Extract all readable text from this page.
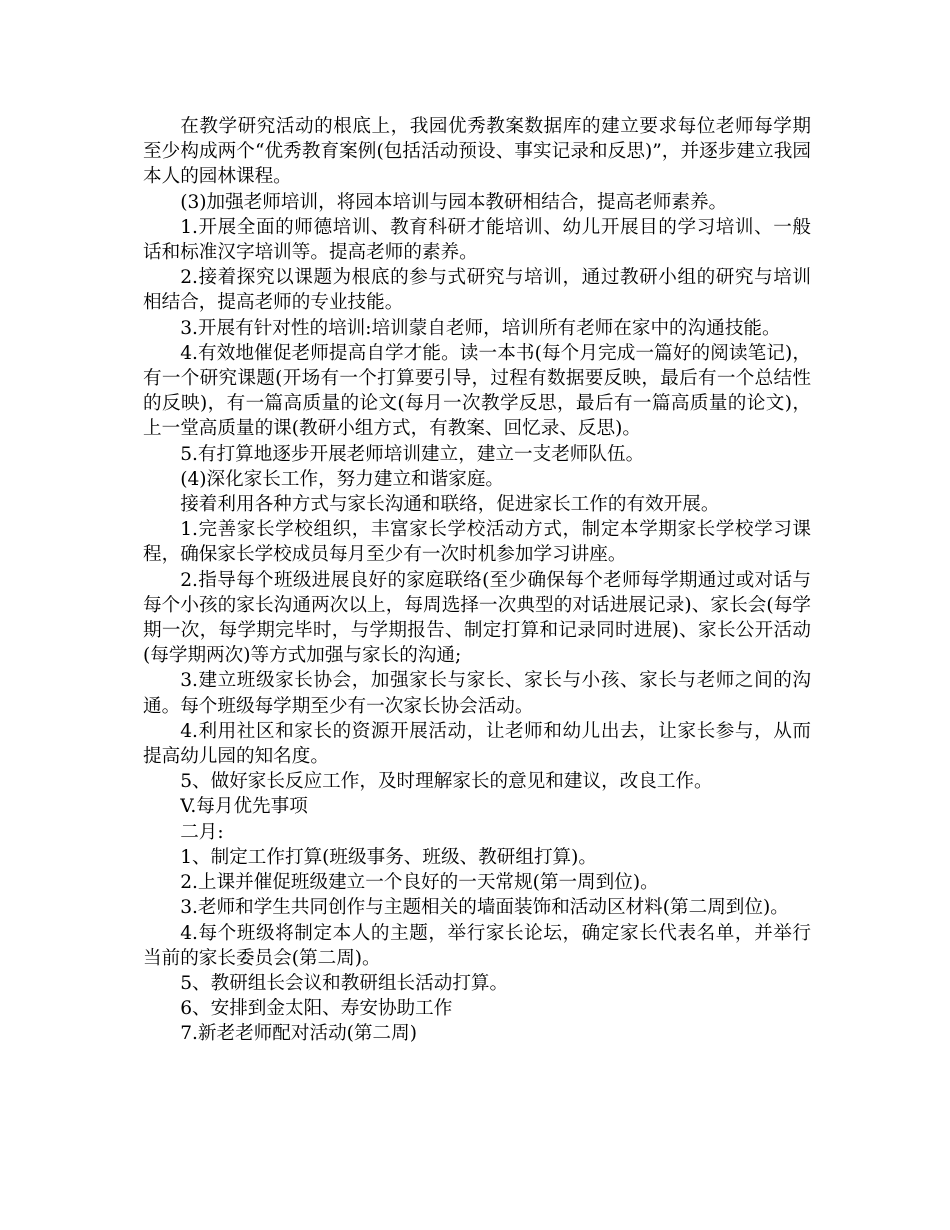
在教学研究活动的根底上，我园优秀教案数据库的建立要求每位老师每学期至少构成两个“优秀教育案例(包括活动预设、事实记录和反思)”，并逐步建立我园本人的园林课程。

(3)加强老师培训，将园本培训与园本教研相结合，提高老师素养。

1.开展全面的师德培训、教育科研才能培训、幼儿开展目的学习培训、一般话和标准汉字培训等。提高老师的素养。

2.接着探究以课题为根底的参与式研究与培训，通过教研小组的研究与培训相结合，提高老师的专业技能。

3.开展有针对性的培训:培训蒙自老师，培训所有老师在家中的沟通技能。

4.有效地催促老师提高自学才能。读一本书(每个月完成一篇好的阅读笔记)，有一个研究课题(开场有一个打算要引导，过程有数据要反映，最后有一个总结性的反映)，有一篇高质量的论文(每月一次教学反思，最后有一篇高质量的论文)，上一堂高质量的课(教研小组方式，有教案、回忆录、反思)。

5.有打算地逐步开展老师培训建立，建立一支老师队伍。

(4)深化家长工作，努力建立和谐家庭。

接着利用各种方式与家长沟通和联络，促进家长工作的有效开展。

1.完善家长学校组织，丰富家长学校活动方式，制定本学期家长学校学习课程，确保家长学校成员每月至少有一次时机参加学习讲座。

2.指导每个班级进展良好的家庭联络(至少确保每个老师每学期通过或对话与每个小孩的家长沟通两次以上，每周选择一次典型的对话进展记录)、家长会(每学期一次，每学期完毕时，与学期报告、制定打算和记录同时进展)、家长公开活动(每学期两次)等方式加强与家长的沟通;

3.建立班级家长协会，加强家长与家长、家长与小孩、家长与老师之间的沟通。每个班级每学期至少有一次家长协会活动。

4.利用社区和家长的资源开展活动，让老师和幼儿出去，让家长参与，从而提高幼儿园的知名度。

5、做好家长反应工作，及时理解家长的意见和建议，改良工作。

V.每月优先事项

二月:

1、制定工作打算(班级事务、班级、教研组打算)。

2.上课并催促班级建立一个良好的一天常规(第一周到位)。

3.老师和学生共同创作与主题相关的墙面装饰和活动区材料(第二周到位)。

4.每个班级将制定本人的主题，举行家长论坛，确定家长代表名单，并举行当前的家长委员会(第二周)。

5、教研组长会议和教研组长活动打算。

6、安排到金太阳、寿安协助工作

7.新老老师配对活动(第二周)
